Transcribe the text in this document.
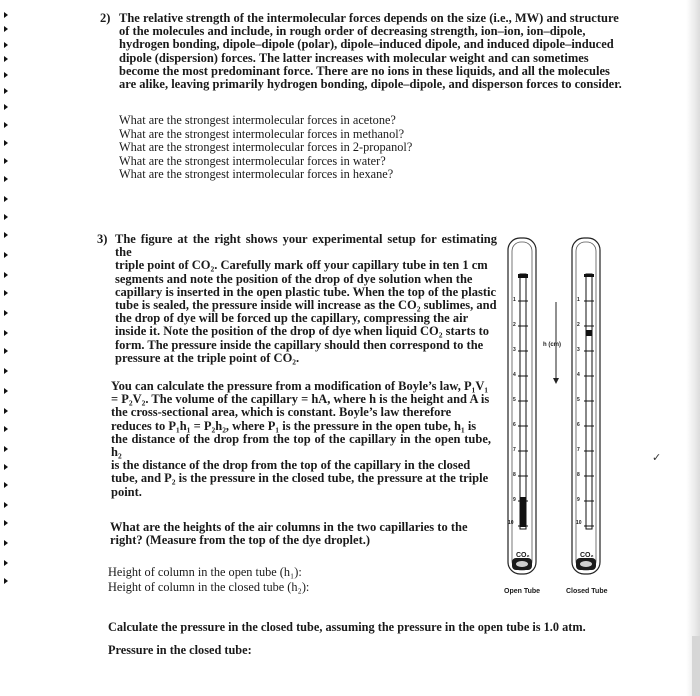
2) The relative strength of the intermolecular forces depends on the size (i.e., MW) and structure
of the molecules and include, in rough order of decreasing strength, ion–ion, ion–dipole,
hydrogen bonding, dipole–dipole (polar), dipole–induced dipole, and induced dipole–induced
dipole (dispersion) forces. The latter increases with molecular weight and can sometimes
become the most predominant force. There are no ions in these liquids, and all the molecules
are alike, leaving primarily hydrogen bonding, dipole–dipole, and disperson forces to consider.
What are the strongest intermolecular forces in acetone?
What are the strongest intermolecular forces in methanol?
What are the strongest intermolecular forces in 2-propanol?
What are the strongest intermolecular forces in water?
What are the strongest intermolecular forces in hexane?
3) The figure at the right shows your experimental setup for estimating the
triple point of CO₂. Carefully mark off your capillary tube in ten 1 cm
segments and note the position of the drop of dye solution when the
capillary is inserted in the open plastic tube. When the top of the plastic
tube is sealed, the pressure inside will increase as the CO₂ sublimes, and
the drop of dye will be forced up the capillary, compressing the air
inside it. Note the position of the drop of dye when liquid CO₂ starts to
form. The pressure inside the capillary should then correspond to the
pressure at the triple point of CO₂.
You can calculate the pressure from a modification of Boyle’s law, P₁V₁
= P₂V₂. The volume of the capillary = hA, where h is the height and A is
the cross-sectional area, which is constant. Boyle’s law therefore
reduces to P₁h₁ = P₂h₂, where P₁ is the pressure in the open tube, h₁ is
the distance of the drop from the top of the capillary in the open tube, h₂
is the distance of the drop from the top of the capillary in the closed
tube, and P₂ is the pressure in the closed tube, the pressure at the triple
point.
What are the heights of the air columns in the two capillaries to the
right? (Measure from the top of the dye droplet.)
Height of column in the open tube (h₁):
Height of column in the closed tube (h₂):
Calculate the pressure in the closed tube, assuming the pressure in the open tube is 1.0 atm.
Pressure in the closed tube:
✓
h (cm)
CO₂	CO₂
Open Tube	Closed Tube
10	10
1
2
3
4
5
6
7
8
9
1
2
3
4
5
6
7
8
9
